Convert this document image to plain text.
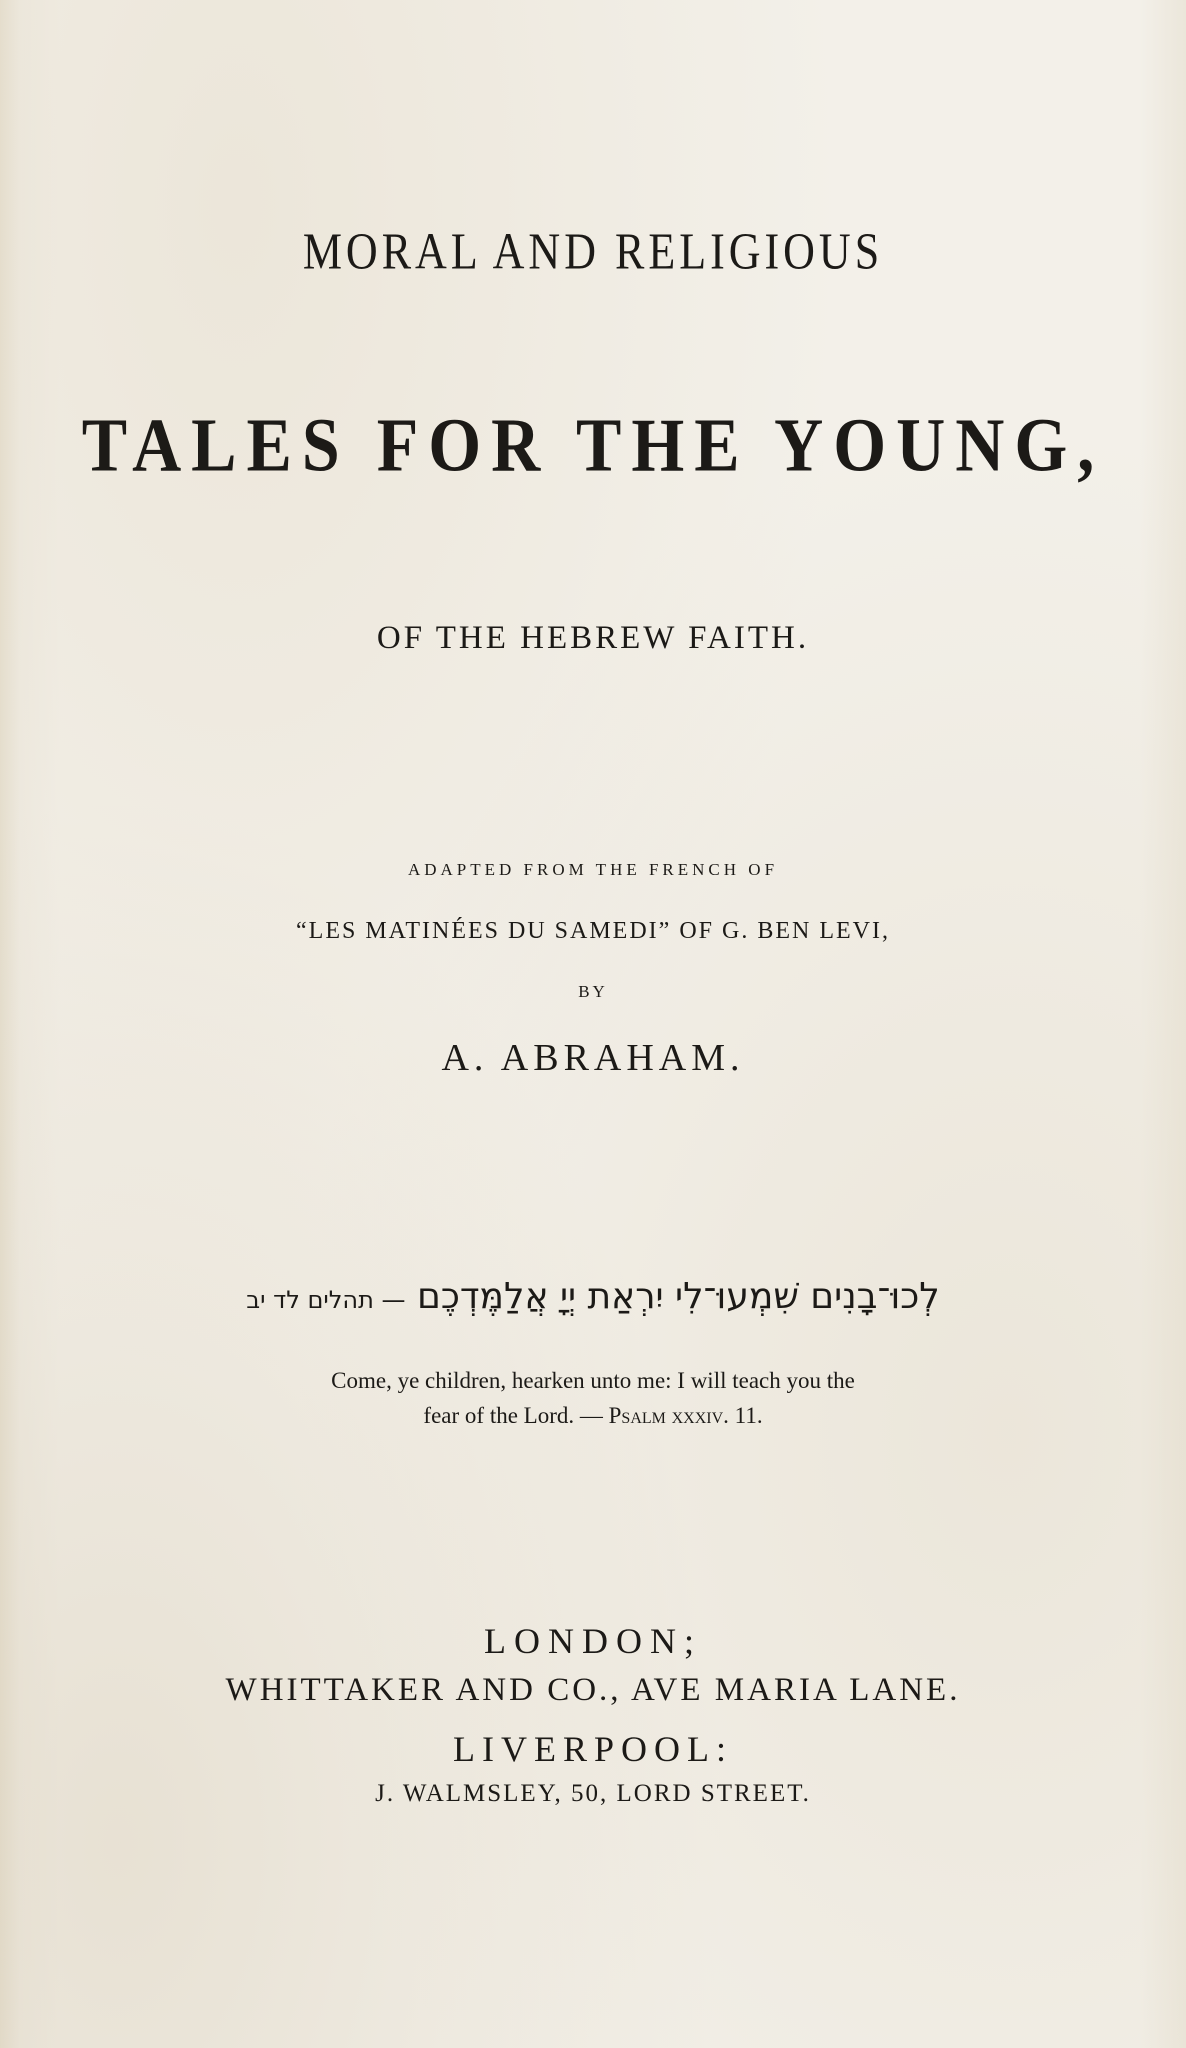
MORAL AND RELIGIOUS
TALES FOR THE YOUNG,
OF THE HEBREW FAITH.
ADAPTED FROM THE FRENCH OF
“LES MATINÉES DU SAMEDI” OF G. BEN LEVI,
BY
A. ABRAHAM.
לְכוּ־בָנִים שִׁמְעוּ־לִי יִרְאַת יְיָ אֲלַמֶּדְכֶם — תהלים לד יב
Come, ye children, hearken unto me: I will teach you the
fear of the Lord. — Psalm xxxiv. 11.
LONDON;
WHITTAKER AND CO., AVE MARIA LANE.
LIVERPOOL:
J. WALMSLEY, 50, LORD STREET.
